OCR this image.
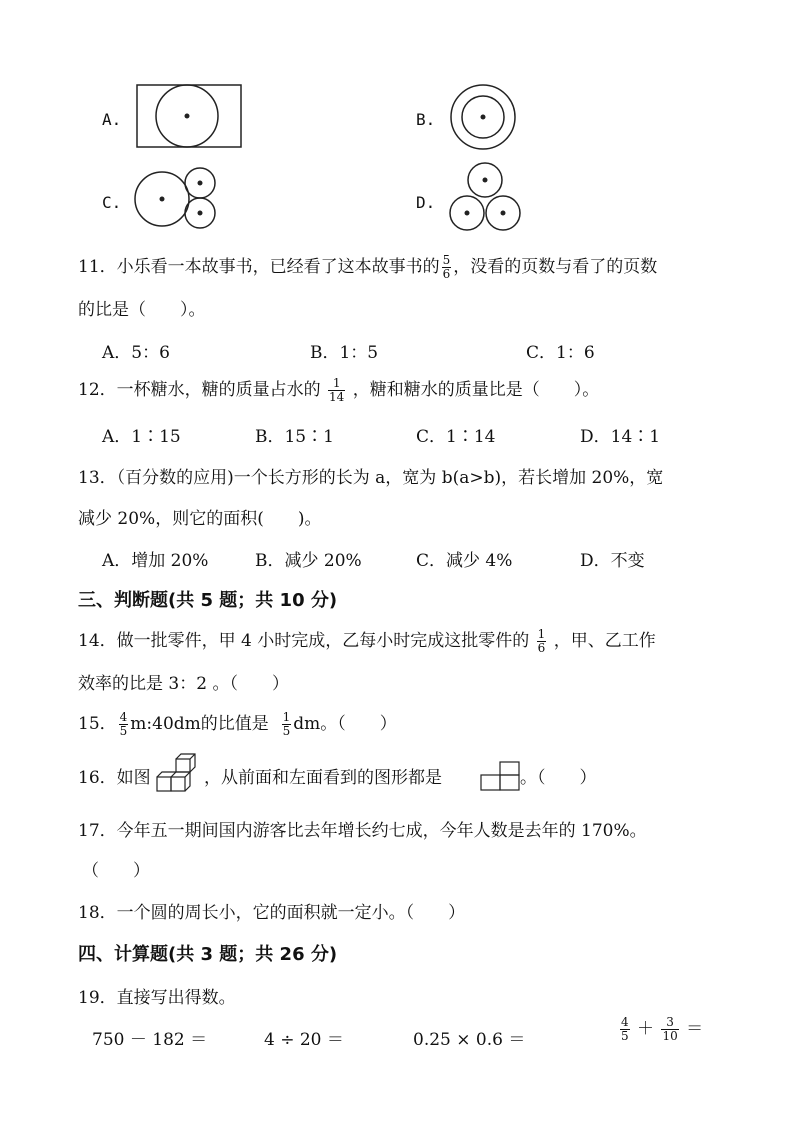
A.	B.
C.	D.
11．小乐看一本故事书，已经看了这本故事书的 $\frac{5}{6}$ ，没看的页数与看了的页数
的比是（　　）。
A．5：6	B．1：5	C．1：6
12．一杯糖水，糖的质量占水的 $\frac{1}{14}$ ，糖和糖水的质量比是（　　）。
A．1∶15	B．15∶1	C．1∶14	D．14∶1
13．（百分数的应用)一个长方形的长为 a，宽为 b(a>b)，若长增加 20%，宽
减少 20%，则它的面积(　　)。
A．增加 20%	B．减少 20%	C．减少 4%	D．不变
三、判断题(共 5 题；共 10 分)
14．做一批零件，甲 4 小时完成，乙每小时完成这批零件的 $\frac{1}{6}$ ，甲、乙工作
效率的比是 3：2 。（　　）
15． $\frac{4}{5}$ m:40dm的比值是 $\frac{1}{5}$ dm。（　　）
16．如图	，从前面和左面看到的图形都是	。（　　）
17．今年五一期间国内游客比去年增长约七成，今年人数是去年的 170%。
（　　）
18．一个圆的周长小，它的面积就一定小。（　　）
四、计算题(共 3 题；共 26 分)
19．直接写出得数。
750 － 182 ＝	4 ÷ 20 ＝	0.25 × 0.6 ＝	$\frac{4}{5} + \frac{3}{10}$ ＝
